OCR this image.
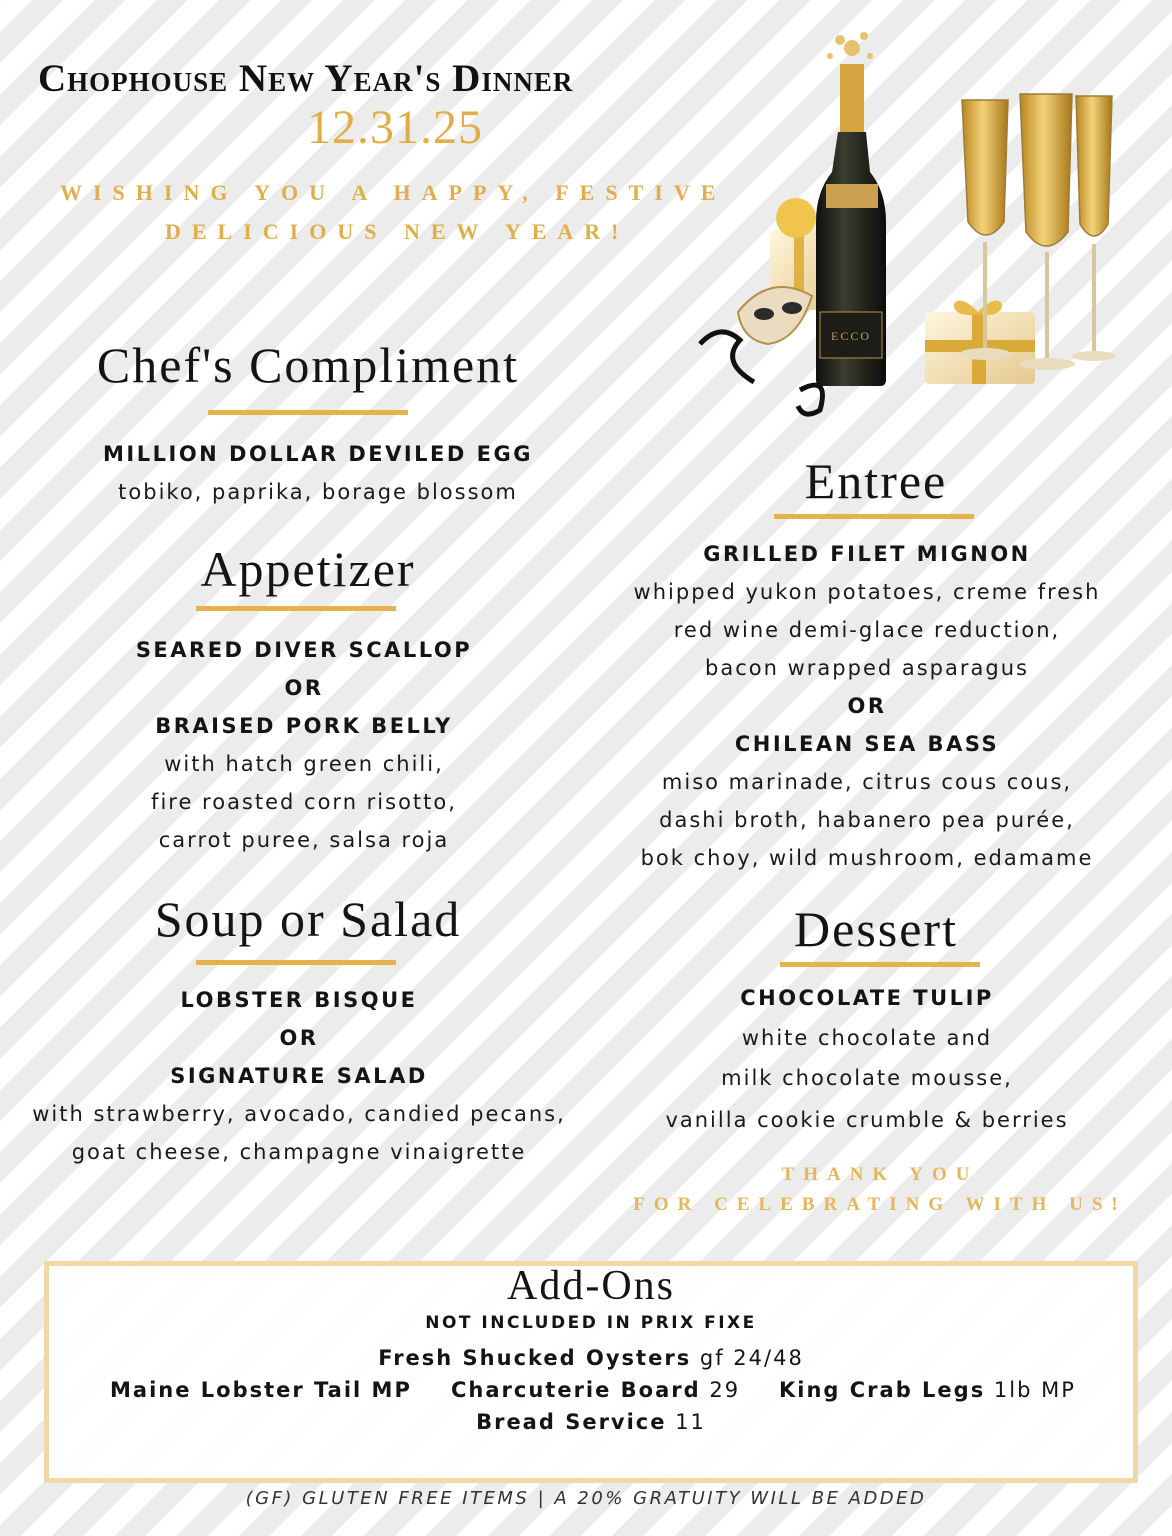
Chophouse New Year's Dinner
12.31.25
WISHING YOU A HAPPY, FESTIVE
DELICIOUS NEW YEAR!
ECCO
Chef's Compliment
MILLION DOLLAR DEVILED EGG
tobiko, paprika, borage blossom
Appetizer
SEARED DIVER SCALLOP
OR
BRAISED PORK BELLY
with hatch green chili,
fire roasted corn risotto,
carrot puree, salsa roja
Soup or Salad
LOBSTER BISQUE
OR
SIGNATURE SALAD
with strawberry, avocado, candied pecans,
goat cheese, champagne vinaigrette
Entree
GRILLED FILET MIGNON
whipped yukon potatoes, creme fresh
red wine demi-glace reduction,
bacon wrapped asparagus
OR
CHILEAN SEA BASS
miso marinade, citrus cous cous,
dashi broth, habanero pea purée,
bok choy, wild mushroom, edamame
Dessert
CHOCOLATE TULIP
white chocolate and
milk chocolate mousse,
vanilla cookie crumble & berries
THANK YOU
FOR CELEBRATING WITH US!
Add-Ons
NOT INCLUDED IN PRIX FIXE
Fresh Shucked Oysters gf 24/48
Maine Lobster Tail MP Charcuterie Board 29 King Crab Legs 1lb MP
Bread Service 11
(GF) GLUTEN FREE ITEMS | A 20% GRATUITY WILL BE ADDED
